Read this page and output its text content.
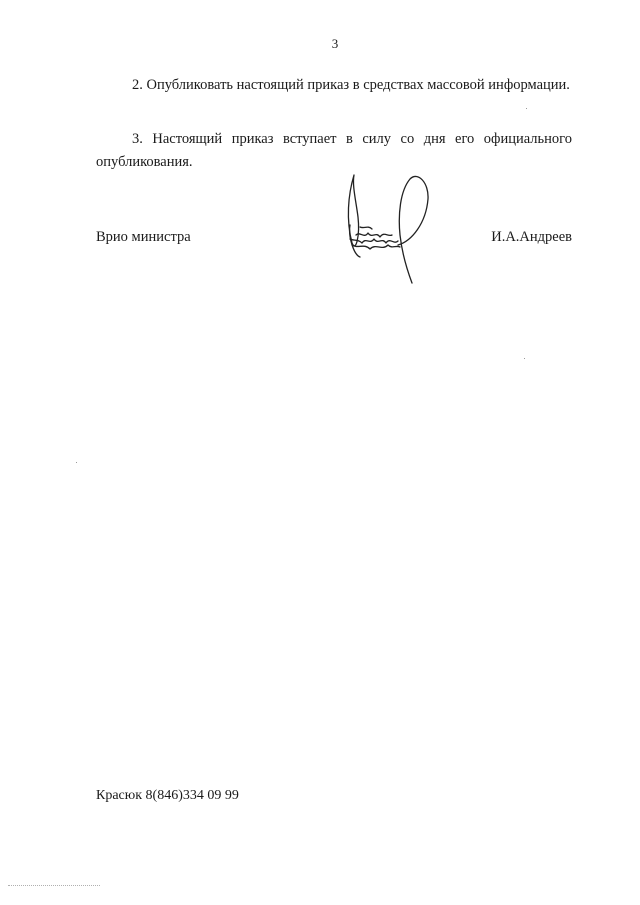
3
2. Опубликовать настоящий приказ в средствах массовой информации.
3. Настоящий приказ вступает в силу со дня его официального опубликования.
Врио министра	И.А.Андреев
Красюк 8(846)334 09 99
